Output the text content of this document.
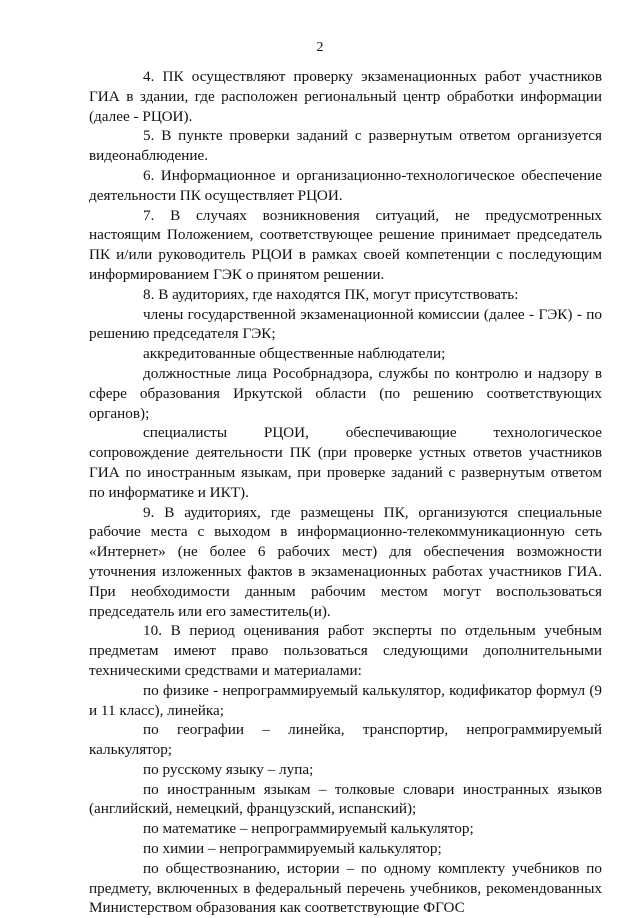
2

4. ПК осуществляют проверку экзаменационных работ участников ГИА в здании, где расположен региональный центр обработки информации (далее - РЦОИ).

5. В пункте проверки заданий с развернутым ответом организуется видеонаблюдение.

6. Информационное и организационно-технологическое обеспечение деятельности ПК осуществляет РЦОИ.

7. В случаях возникновения ситуаций, не предусмотренных настоящим Положением, соответствующее решение принимает председатель ПК и/или руководитель РЦОИ в рамках своей компетенции с последующим информированием ГЭК о принятом решении.

8. В аудиториях, где находятся ПК, могут присутствовать:

члены государственной экзаменационной комиссии (далее - ГЭК) - по решению председателя ГЭК;

аккредитованные общественные наблюдатели;

должностные лица Рособрнадзора, службы по контролю и надзору в сфере образования Иркутской области (по решению соответствующих органов);

специалисты РЦОИ, обеспечивающие технологическое сопровождение деятельности ПК (при проверке устных ответов участников ГИА по иностранным языкам, при проверке заданий с развернутым ответом по информатике и ИКТ).

9. В аудиториях, где размещены ПК, организуются специальные рабочие места с выходом в информационно-телекоммуникационную сеть «Интернет» (не более 6 рабочих мест) для обеспечения возможности уточнения изложенных фактов в экзаменационных работах участников ГИА. При необходимости данным рабочим местом могут воспользоваться председатель или его заместитель(и).

10. В период оценивания работ эксперты по отдельным учебным предметам имеют право пользоваться следующими дополнительными техническими средствами и материалами:

по физике - непрограммируемый калькулятор, кодификатор формул (9 и 11 класс), линейка;

по географии – линейка, транспортир, непрограммируемый калькулятор;

по русскому языку – лупа;

по иностранным языкам – толковые словари иностранных языков (английский, немецкий, французский, испанский);

по математике – непрограммируемый калькулятор;

по химии – непрограммируемый калькулятор;

по обществознанию, истории – по одному комплекту учебников по предмету, включенных в федеральный перечень учебников, рекомендованных Министерством образования как соответствующие ФГОС
